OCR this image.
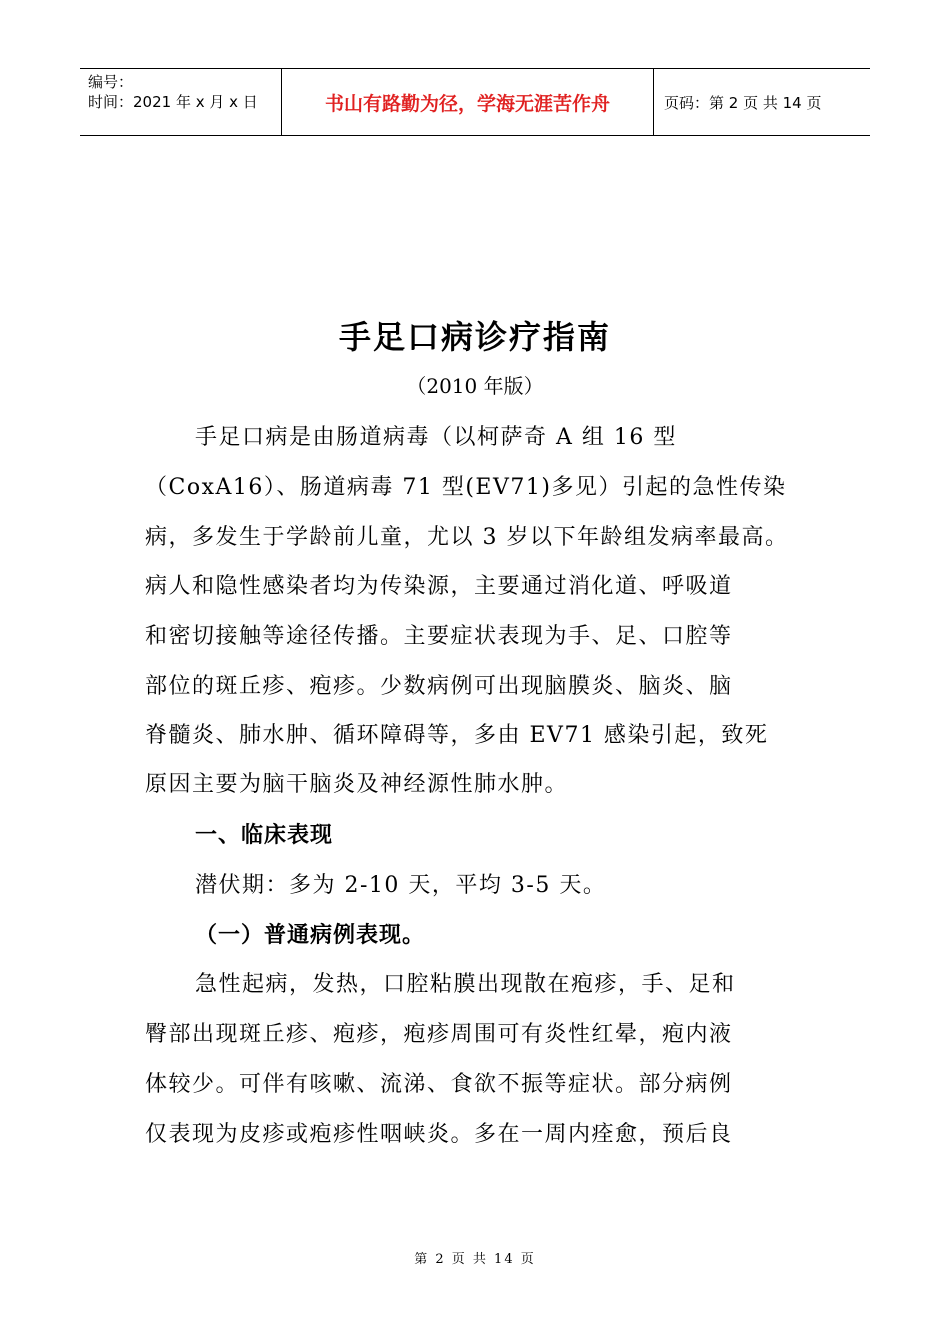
编号：
时间：2021 年 x 月 x 日	书山有路勤为径，学海无涯苦作舟	页码：第 2 页 共 14 页
手足口病诊疗指南
（2010 年版）
手足口病是由肠道病毒（以柯萨奇 A 组 16 型
（CoxA16）、肠道病毒 71 型(EV71)多见）引起的急性传染
病，多发生于学龄前儿童，尤以 3 岁以下年龄组发病率最高。
病人和隐性感染者均为传染源，主要通过消化道、呼吸道
和密切接触等途径传播。主要症状表现为手、足、口腔等
部位的斑丘疹、疱疹。少数病例可出现脑膜炎、脑炎、脑
脊髓炎、肺水肿、循环障碍等，多由 EV71 感染引起，致死
原因主要为脑干脑炎及神经源性肺水肿。
一、临床表现
潜伏期：多为 2-10 天，平均 3-5 天。
（一）普通病例表现。
急性起病，发热，口腔粘膜出现散在疱疹，手、足和
臀部出现斑丘疹、疱疹，疱疹周围可有炎性红晕，疱内液
体较少。可伴有咳嗽、流涕、食欲不振等症状。部分病例
仅表现为皮疹或疱疹性咽峡炎。多在一周内痊愈，预后良
第 2 页 共 14 页
